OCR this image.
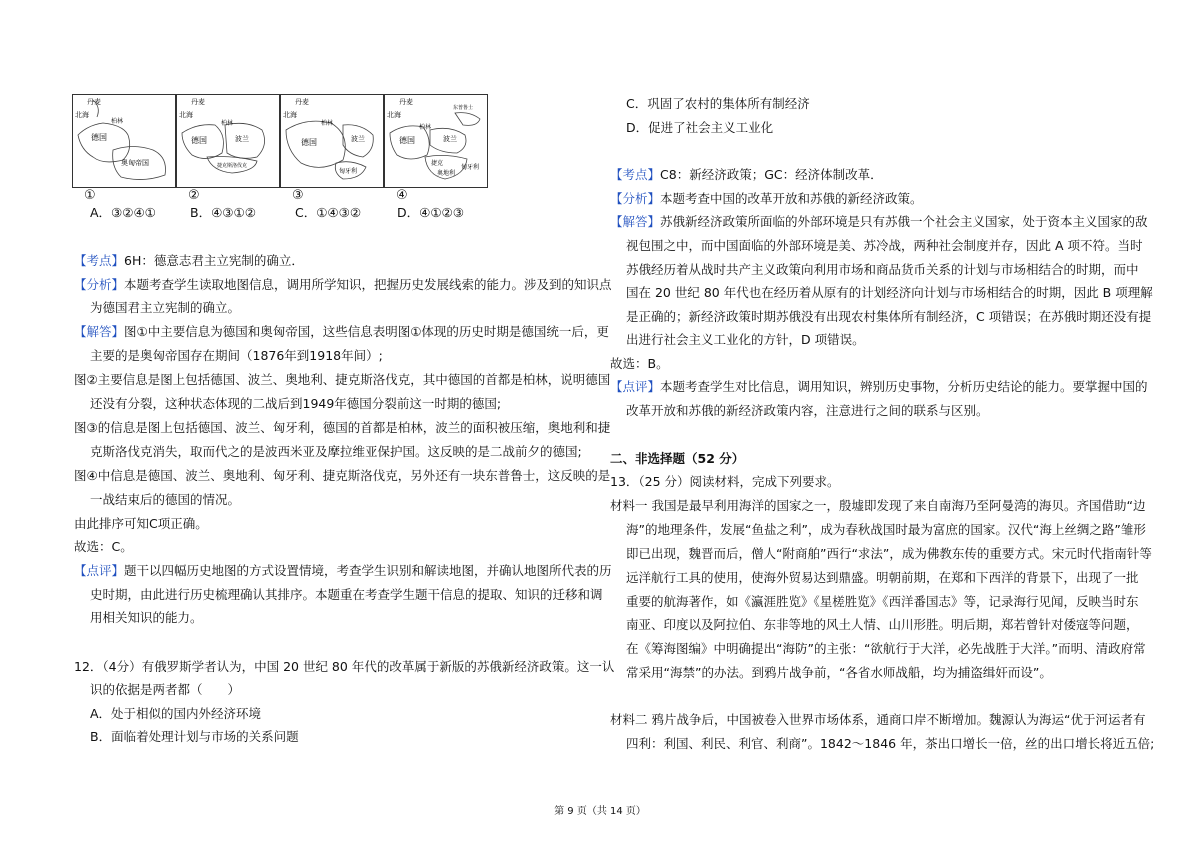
丹麦
北海
德国
奥匈帝国
柏林
丹麦
北海
德国	波兰
捷克斯洛伐克
柏林
丹麦
北海
柏林
德国	波兰
匈牙利
丹麦
北海
东普鲁士
德国	波兰
柏林
捷克
奥地利
匈牙利
①	②	③	④
A．③②④①	B．④③①②	C．①④③②	D．④①②③
【考点】6H：德意志君主立宪制的确立．
【分析】本题考查学生读取地图信息，调用所学知识，把握历史发展线索的能力。涉及到的知识点
为德国君主立宪制的确立。
【解答】图①中主要信息为德国和奥匈帝国，这些信息表明图①体现的历史时期是德国统一后，更
主要的是奥匈帝国存在期间（1876年到1918年间）;
图②主要信息是图上包括德国、波兰、奥地利、捷克斯洛伐克，其中德国的首都是柏林，说明德国
还没有分裂，这种状态体现的二战后到1949年德国分裂前这一时期的德国;
图③的信息是图上包括德国、波兰、匈牙利，德国的首都是柏林，波兰的面积被压缩，奥地利和捷
克斯洛伐克消失，取而代之的是波西米亚及摩拉维亚保护国。这反映的是二战前夕的德国;
图④中信息是德国、波兰、奥地利、匈牙利、捷克斯洛伐克，另外还有一块东普鲁士，这反映的是
一战结束后的德国的情况。
由此排序可知C项正确。
故选：C。
【点评】题干以四幅历史地图的方式设置情境，考查学生识别和解读地图，并确认地图所代表的历
史时期，由此进行历史梳理确认其排序。本题重在考查学生题干信息的提取、知识的迁移和调
用相关知识的能力。
12．（4分）有俄罗斯学者认为，中国 20 世纪 80 年代的改革属于新版的苏俄新经济政策。这一认
识的依据是两者都（　　）
A．处于相似的国内外经济环境
B．面临着处理计划与市场的关系问题
C．巩固了农村的集体所有制经济
D．促进了社会主义工业化
【考点】C8：新经济政策；GC：经济体制改革．
【分析】本题考查中国的改革开放和苏俄的新经济政策。
【解答】苏俄新经济政策所面临的外部环境是只有苏俄一个社会主义国家，处于资本主义国家的敌
视包围之中，而中国面临的外部环境是美、苏冷战，两种社会制度并存，因此 A 项不符。当时
苏俄经历着从战时共产主义政策向利用市场和商品货币关系的计划与市场相结合的时期，而中
国在 20 世纪 80 年代也在经历着从原有的计划经济向计划与市场相结合的时期，因此 B 项理解
是正确的；新经济政策时期苏俄没有出现农村集体所有制经济，C 项错误；在苏俄时期还没有提
出进行社会主义工业化的方针，D 项错误。
故选：B。
【点评】本题考查学生对比信息，调用知识，辨别历史事物，分析历史结论的能力。要掌握中国的
改革开放和苏俄的新经济政策内容，注意进行之间的联系与区别。
二、非选择题（52 分）
13．（25 分）阅读材料，完成下列要求。
材料一 我国是最早利用海洋的国家之一，殷墟即发现了来自南海乃至阿曼湾的海贝。齐国借助“边
海”的地理条件，发展“鱼盐之利”，成为春秋战国时最为富庶的国家。汉代“海上丝绸之路”雏形
即已出现，魏晋而后，僧人“附商舶”西行“求法”，成为佛教东传的重要方式。宋元时代指南针等
远洋航行工具的使用，使海外贸易达到鼎盛。明朝前期，在郑和下西洋的背景下，出现了一批
重要的航海著作，如《瀛涯胜览》《星槎胜览》《西洋番国志》等，记录海行见闻，反映当时东
南亚、印度以及阿拉伯、东非等地的风土人情、山川形胜。明后期，郑若曾针对倭寇等问题，
在《筹海图编》中明确提出“海防”的主张：“欲航行于大洋，必先战胜于大洋。”而明、清政府常
常采用“海禁”的办法。到鸦片战争前，“各省水师战船，均为捕盗缉奸而设”。
材料二 鸦片战争后，中国被卷入世界市场体系，通商口岸不断增加。魏源认为海运“优于河运者有
四利：利国、利民、利官、利商”。1842～1846 年，茶出口增长一倍，丝的出口增长将近五倍;
第 9 页（共 14 页）
